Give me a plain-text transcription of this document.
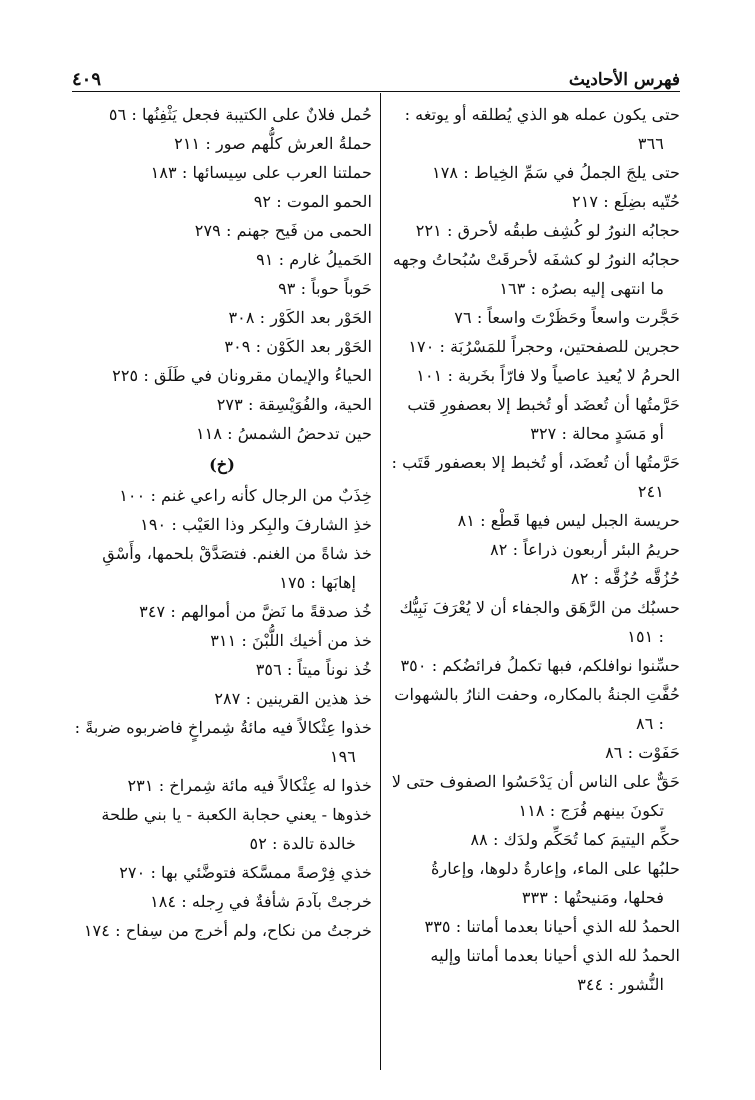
فهرس الأحاديث
٤٠٩

حتى يكون عمله هو الذي يُطلقه أو يوتغه : ٣٦٦

حتى يلجَ الجملُ في سَمِّ الخِياط : ١٧٨

حُتّيه بضِلَع : ٢١٧

حجابُه النورُ لو كُشِف طبقُه لأحرق : ٢٢١

حجابُه النورُ لو كشفَه لأحرقَتْ سُبُحاتُ وجهه ما انتهى إليه بصرُه : ١٦٣

حَجَّرت واسعاً وحَظَرْتَ واسعاً : ٧٦

حجرين للصفحتين، وحجراً للمَسْرُبَة : ١٧٠

الحرمُ لا يُعيذ عاصياً ولا فارّاً بخَربة : ١٠١

حَرَّمتُها أن تُعضَد أو تُخبط إلا بعصفورِ قتب أو مَسَدٍ محالة : ٣٢٧

حَرَّمتُها أن تُعضَد، أو تُخبط إلا بعصفور قَتَب : ٢٤١

حريسة الجبل ليس فيها قَطْع : ٨١

حريمُ البئر أربعون ذراعاً : ٨٢

حُزُقَّه حُزُقَّه : ٨٢

حسبُك من الرَّهَق والجفاء أن لا يُعْرَفَ نَبِيُّك : ١٥١

حسِّنوا نوافلكم، فبها تكملُ فرائضُكم : ٣٥٠

حُفَّتِ الجنةُ بالمكاره، وحفت النارُ بالشهوات : ٨٦

حَفَوْت : ٨٦

حَقٌّ على الناس أن يَدْحَسُوا الصفوف حتى لا تكونَ بينهم فُرَج : ١١٨

حكِّم اليتيمَ كما تُحَكِّم ولدَك : ٨٨

حلبُها على الماء، وإعارةُ دلوها، وإعارةُ فحلها، ومَنيحتُها : ٣٣٣

الحمدُ لله الذي أحيانا بعدما أماتنا : ٣٣٥

الحمدُ لله الذي أحيانا بعدما أماتنا وإليه النُّشور : ٣٤٤

حُمل فلانٌ على الكتيبة فجعل يَثْفِنُها : ٥٦

حملةُ العرش كلُّهم صور : ٢١١

حملتنا العرب على سِيسائها : ١٨٣

الحمو الموت : ٩٢

الحمى من فَيح جهنم : ٢٧٩

الحَميلُ غارم : ٩١

حَوباً حوباً : ٩٣

الحَوْر بعد الكَوْر : ٣٠٨

الحَوْر بعد الكَوْن : ٣٠٩

الحياءُ والإيمان مقرونان في طَلَق : ٢٢٥

الحية، والفُوَيْسِقة : ٢٧٣

حين تدحضُ الشمسُ : ١١٨

(خ)

خِذَبٌ من الرجال كأنه راعي غنم : ١٠٠

خذِ الشارفَ والبِكر وذا العَيْب : ١٩٠

خذ شاةً من الغنم. فتصَدَّقْ بلحمها، وأَسْقِ إهابَها : ١٧٥

خُذ صدقةً ما نَضَّ من أموالهم : ٣٤٧

خذ من أخيك اللُّبْنَ : ٣١١

خُذ نوناً ميتاً : ٣٥٦

خذ هذين القرينين : ٢٨٧

خذوا عِثْكالاً فيه مائةُ شِمراخٍ فاضربوه ضربةً : ١٩٦

خذوا له عِثْكالاً فيه مائة شِمراخ : ٢٣١

خذوها - يعني حجابة الكعبة - يا بني طلحة خالدة تالدة : ٥٢

خذي فِرْصةً ممسَّكة فتوضَّئي بها : ٢٧٠

خرجتْ بآدمَ شأفةٌ في رِجله : ١٨٤

خرجتُ من نكاح، ولم أخرج من سِفاح : ١٧٤
